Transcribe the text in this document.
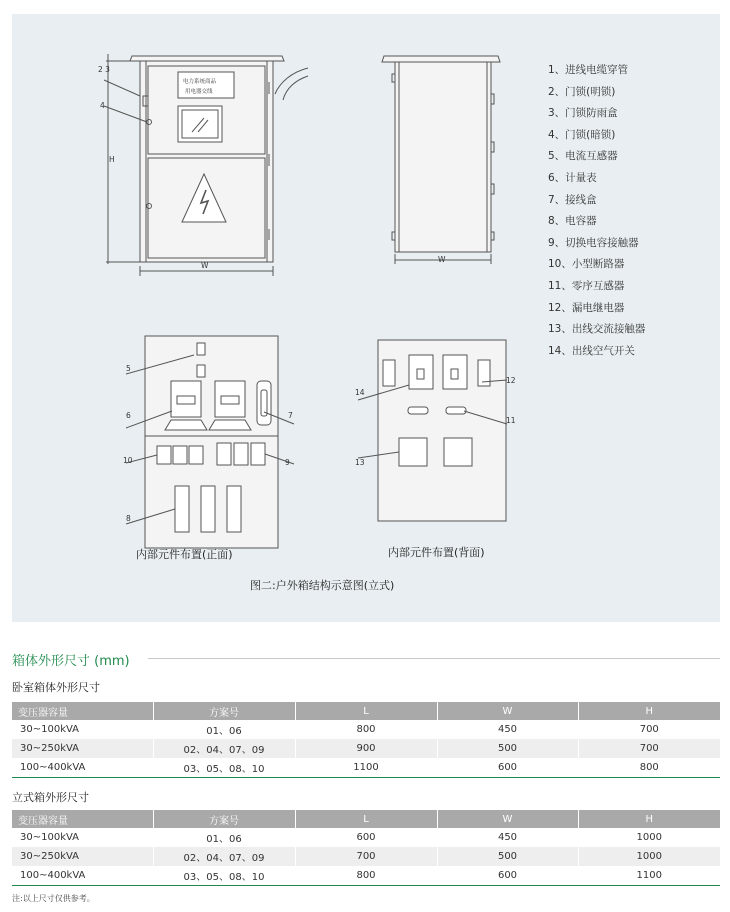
2 3
4
H
W
W
电力系统商品
用电器交线
5
6	7
10	9
8
14
12
11
13
1、进线电缆穿管
2、门锁(明锁)
3、门锁防雨盒
4、门锁(暗锁)
5、电流互感器
6、计量表
7、接线盒
8、电容器
9、切换电容接触器
10、小型断路器
11、零序互感器
12、漏电继电器
13、出线交流接触器
14、出线空气开关
内部元件布置(正面)	内部元件布置(背面)
图二:户外箱结构示意图(立式)
箱体外形尺寸 (mm)
卧室箱体外形尺寸
变压器容量	方案号	L	W	H
30~100kVA	01、06	800	450	700
30~250kVA	02、04、07、09	900	500	700
100~400kVA	03、05、08、10	1100	600	800
立式箱外形尺寸
变压器容量	方案号	L	W	H
30~100kVA	01、06	600	450	1000
30~250kVA	02、04、07、09	700	500	1000
100~400kVA	03、05、08、10	800	600	1100
注:以上尺寸仅供参考。
